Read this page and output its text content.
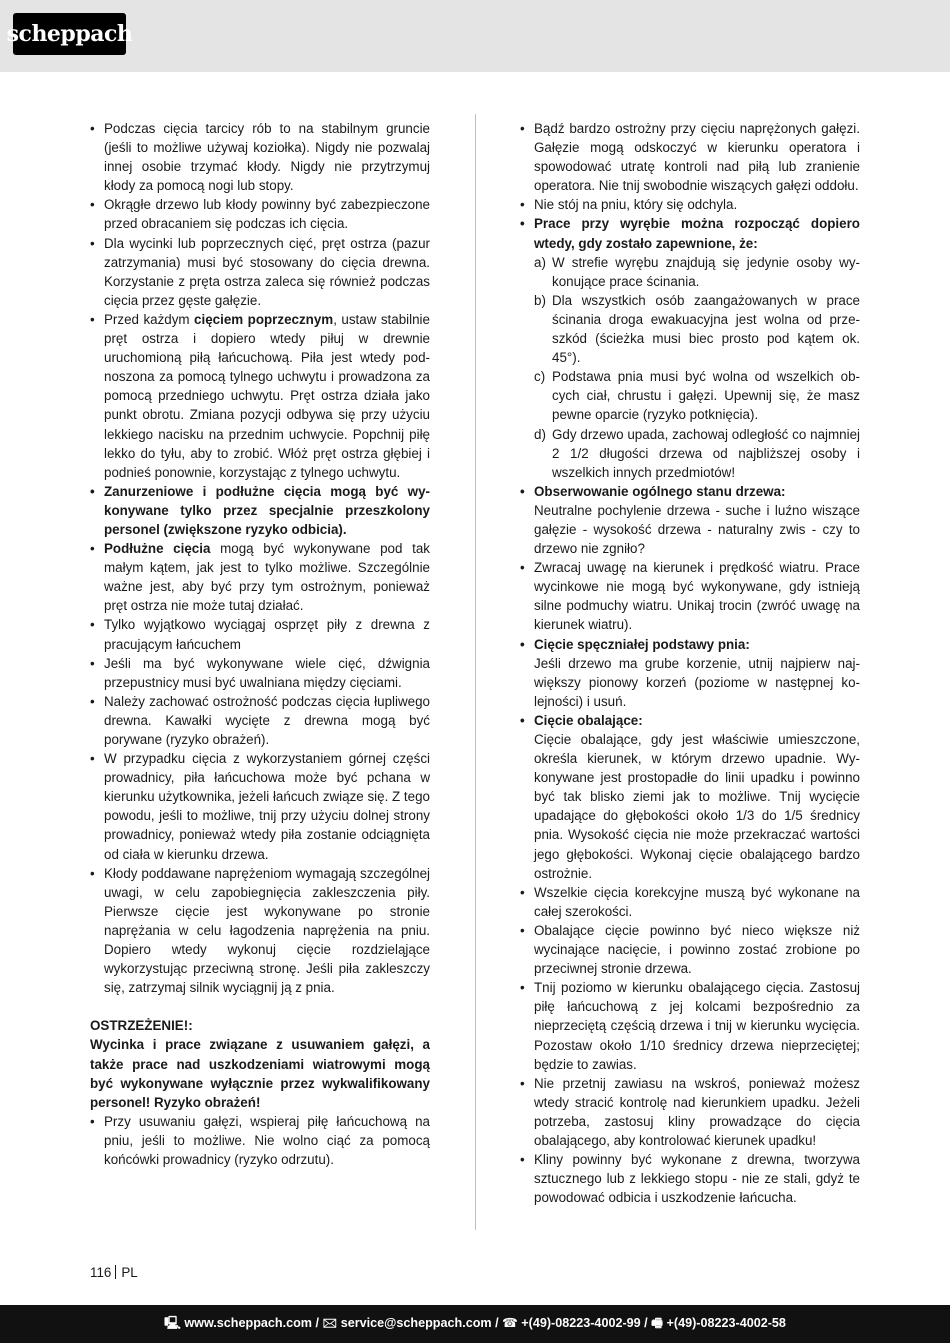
scheppach
• Podczas cięcia tarcicy rób to na stabilnym gruncie (jeśli to możliwe używaj koziołka). Nigdy nie pozwalaj innej osobie trzymać kłody. Nigdy nie przytrzymuj kłody za pomocą nogi lub stopy.
• Okrągłe drzewo lub kłody powinny być zabezpieczone przed obracaniem się podczas ich cięcia.
• Dla wycinki lub poprzecznych cięć, pręt ostrza (pazur zatrzymania) musi być stosowany do cięcia drewna. Korzystanie z pręta ostrza zaleca się również podczas cięcia przez gęste gałęzie.
• Przed każdym cięciem poprzecznym, ustaw stabilnie pręt ostrza i dopiero wtedy piłuj w drewnie uruchomioną piłą łańcuchową. Piła jest wtedy podnoszona za pomocą tylnego uchwytu i prowadzona za pomocą przedniego uchwytu. Pręt ostrza działa jako punkt obrotu. Zmiana pozycji odbywa się przy użyciu lekkiego nacisku na przednim uchwycie. Popchnij piłę lekko do tyłu, aby to zrobić. Włóż pręt ostrza głębiej i podnieś ponownie, korzystając z tylnego uchwytu.
• Zanurzeniowe i podłużne cięcia mogą być wykonywane tylko przez specjalnie przeszkolony personel (zwiększone ryzyko odbicia).
• Podłużne cięcia mogą być wykonywane pod tak małym kątem, jak jest to tylko możliwe. Szczególnie ważne jest, aby być przy tym ostrożnym, ponieważ pręt ostrza nie może tutaj działać.
• Tylko wyjątkowo wyciągaj osprzęt piły z drewna z pracującym łańcuchem
• Jeśli ma być wykonywane wiele cięć, dźwignia przepustnicy musi być uwalniana między cięciami.
• Należy zachować ostrożność podczas cięcia łupliwego drewna. Kawałki wycięte z drewna mogą być porywane (ryzyko obrażeń).
• W przypadku cięcia z wykorzystaniem górnej części prowadnicy, piła łańcuchowa może być pchana w kierunku użytkownika, jeżeli łańcuch związe się. Z tego powodu, jeśli to możliwe, tnij przy użyciu dolnej strony prowadnicy, ponieważ wtedy piła zostanie odciągnięta od ciała w kierunku drzewa.
• Kłody poddawane naprężeniom wymagają szczególnej uwagi, w celu zapobiegnięcia zakleszczenia piły. Pierwsze cięcie jest wykonywane po stronie naprężania w celu łagodzenia naprężenia na pniu. Dopiero wtedy wykonuj cięcie rozdzieląjące wykorzystując przeciwną stronę. Jeśli piła zakleszczy się, zatrzymaj silnik wyciągnij ją z pnia.
OSTRZEŻENIE!:
Wycinka i prace związane z usuwaniem gałęzi, a także prace nad uszkodzeniami wiatrowymi mogą być wykonywane wyłącznie przez wykwalifikowany personel! Ryzyko obrażeń!
• Przy usuwaniu gałęzi, wspieraj piłę łańcuchową na pniu, jeśli to możliwe. Nie wolno ciąć za pomocą końcówki prowadnicy (ryzyko odrzutu).
• Bądź bardzo ostrożny przy cięciu naprężonych gałęzi. Gałęzie mogą odskoczyć w kierunku operatora i spowodować utratę kontroli nad piłą lub zranienie operatora. Nie tnij swobodnie wiszących gałęzi oddołu.
• Nie stój na pniu, który się odchyla.
• Prace przy wyrębie można rozpocząć dopiero wtedy, gdy zostało zapewnione, że:
a) W strefie wyrębu znajdują się jedynie osoby wykonujące prace ścinania.
b) Dla wszystkich osób zaangażowanych w prace ścinania droga ewakuacyjna jest wolna od przeszkód (ścieżka musi biec prosto pod kątem ok. 45°).
c) Podstawa pnia musi być wolna od wszelkich obcych ciał, chrustu i gałęzi. Upewnij się, że masz pewne oparcie (ryzyko potknięcia).
d) Gdy drzewo upada, zachowaj odległość co najmniej 2 1/2 długości drzewa od najbliższej osoby i wszelkich innych przedmiotów!
• Obserwowanie ogólnego stanu drzewa:
Neutralne pochylenie drzewa - suche i luźno wiszące gałęzie - wysokość drzewa - naturalny zwis - czy to drzewo nie zgniło?
• Zwracaj uwagę na kierunek i prędkość wiatru. Prace wycinkowe nie mogą być wykonywane, gdy istnieją silne podmuchy wiatru. Unikaj trocin (zwróć uwagę na kierunek wiatru).
• Cięcie spęczniałej podstawy pnia:
Jeśli drzewo ma grube korzenie, utnij najpierw największy pionowy korzeń (poziome w następnej kolejności) i usuń.
• Cięcie obalające:
Cięcie obalające, gdy jest właściwie umieszczone, określa kierunek, w którym drzewo upadnie. Wykonywane jest prostopadłe do linii upadku i powinno być tak blisko ziemi jak to możliwe. Tnij wycięcie upadające do głębokości około 1/3 do 1/5 średnicy pnia. Wysokość cięcia nie może przekraczać wartości jego głębokości. Wykonaj cięcie obalającego bardzo ostrożnie.
• Wszelkie cięcia korekcyjne muszą być wykonane na całej szerokości.
• Obalające cięcie powinno być nieco większe niż wycinające nacięcie, i powinno zostać zrobione po przeciwnej stronie drzewa.
• Tnij poziomo w kierunku obalającego cięcia. Zastosuj piłę łańcuchową z jej kolcami bezpośrednio za nieprzeciętą częścią drzewa i tnij w kierunku wycięcia. Pozostaw około 1/10 średnicy drzewa nieprzeciętej; będzie to zawias.
• Nie przetnij zawiasu na wskroś, ponieważ możesz wtedy stracić kontrolę nad kierunkiem upadku. Jeżeli potrzeba, zastosuj kliny prowadzące do cięcia obalającego, aby kontrolować kierunek upadku!
• Kliny powinny być wykonane z drewna, tworzywa sztucznego lub z lekkiego stopu - nie ze stali, gdyż te powodować odbicia i uszkodzenie łańcucha.
116 PL
🖳 www.scheppach.com / 🖂 service@scheppach.com / ☎ +(49)-08223-4002-99 / 🖷 +(49)-08223-4002-58
